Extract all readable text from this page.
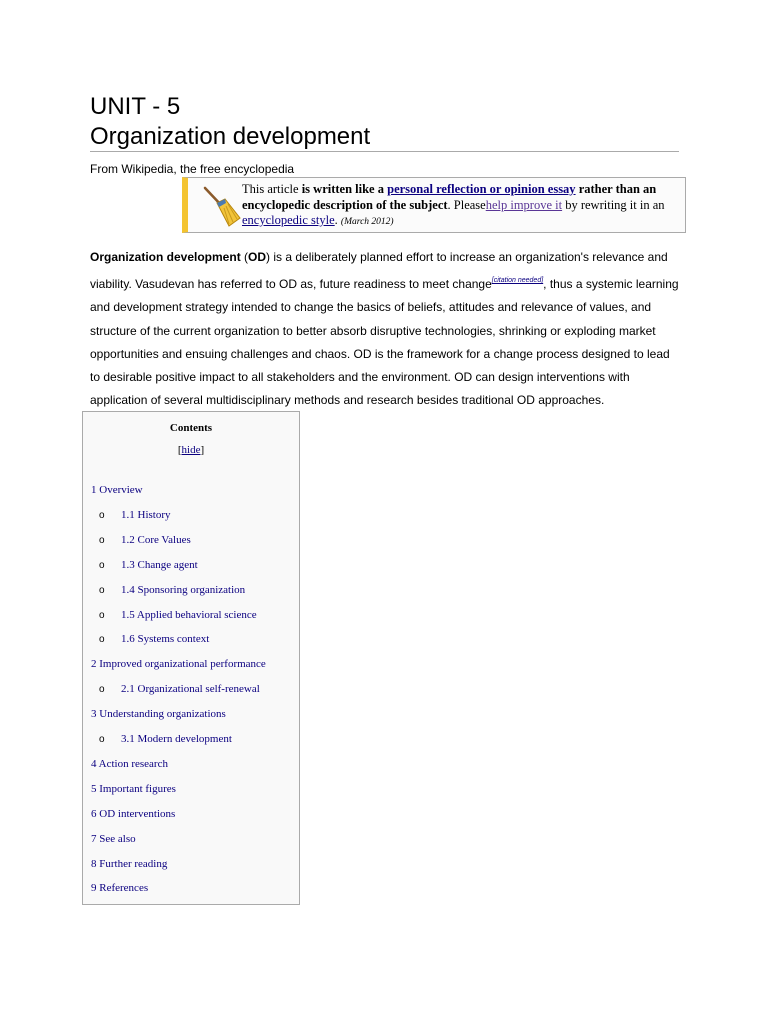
UNIT - 5
Organization development
From Wikipedia, the free encyclopedia
This article is written like a personal reflection or opinion essay rather than an encyclopedic description of the subject. Pleasehelp improve it by rewriting it in an encyclopedic style. (March 2012)
Organization development (OD) is a deliberately planned effort to increase an organization's relevance and viability. Vasudevan has referred to OD as, future readiness to meet change[citation needed], thus a systemic learning and development strategy intended to change the basics of beliefs, attitudes and relevance of values, and structure of the current organization to better absorb disruptive technologies, shrinking or exploding market opportunities and ensuing challenges and chaos. OD is the framework for a change process designed to lead to desirable positive impact to all stakeholders and the environment. OD can design interventions with application of several multidisciplinary methods and research besides traditional OD approaches.
Contents
[hide]
1 Overview
o 1.1 History
o 1.2 Core Values
o 1.3 Change agent
o 1.4 Sponsoring organization
o 1.5 Applied behavioral science
o 1.6 Systems context
2 Improved organizational performance
o 2.1 Organizational self-renewal
3 Understanding organizations
o 3.1 Modern development
4 Action research
5 Important figures
6 OD interventions
7 See also
8 Further reading
9 References
